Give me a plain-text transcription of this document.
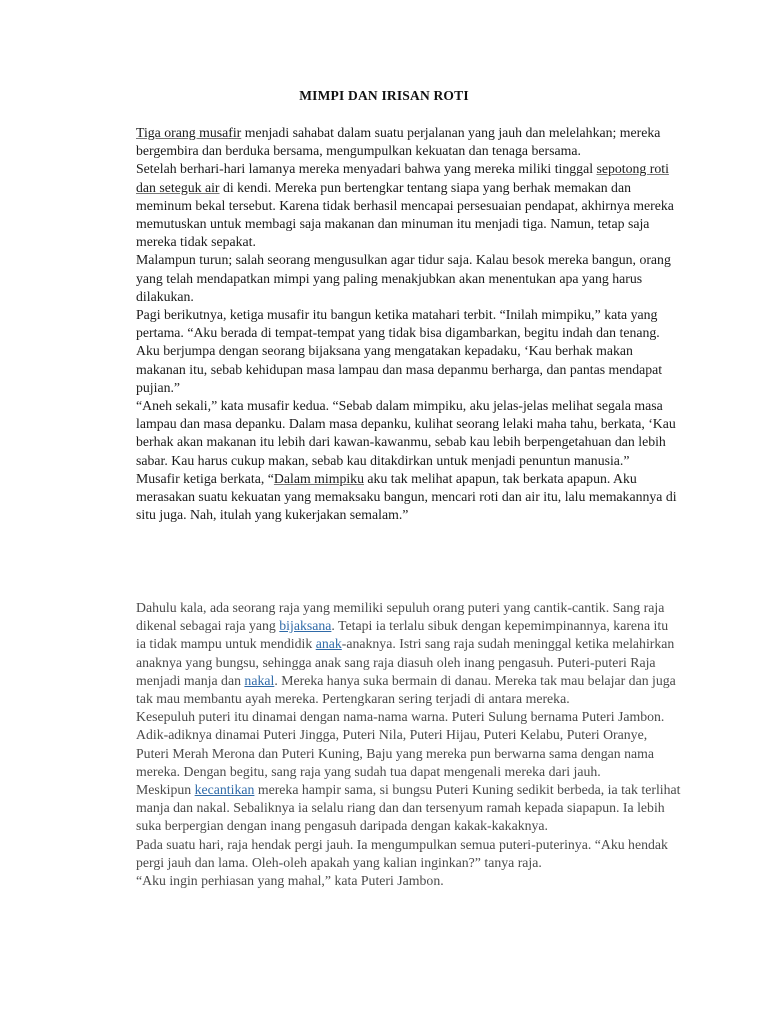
MIMPI DAN IRISAN ROTI

Tiga orang musafir menjadi sahabat dalam suatu perjalanan yang jauh dan melelahkan; mereka bergembira dan berduka bersama, mengumpulkan kekuatan dan tenaga bersama.

Setelah berhari-hari lamanya mereka menyadari bahwa yang mereka miliki tinggal sepotong roti dan seteguk air di kendi. Mereka pun bertengkar tentang siapa yang berhak memakan dan meminum bekal tersebut. Karena tidak berhasil mencapai persesuaian pendapat, akhirnya mereka memutuskan untuk membagi saja makanan dan minuman itu menjadi tiga. Namun, tetap saja mereka tidak sepakat.

Malampun turun; salah seorang mengusulkan agar tidur saja. Kalau besok mereka bangun, orang yang telah mendapatkan mimpi yang paling menakjubkan akan menentukan apa yang harus dilakukan.

Pagi berikutnya, ketiga musafir itu bangun ketika matahari terbit. “Inilah mimpiku,” kata yang pertama. “Aku berada di tempat-tempat yang tidak bisa digambarkan, begitu indah dan tenang. Aku berjumpa dengan seorang bijaksana yang mengatakan kepadaku, ‘Kau berhak makan makanan itu, sebab kehidupan masa lampau dan masa depanmu berharga, dan pantas mendapat pujian.”

“Aneh sekali,” kata musafir kedua. “Sebab dalam mimpiku, aku jelas-jelas melihat segala masa lampau dan masa depanku. Dalam masa depanku, kulihat seorang lelaki maha tahu, berkata, ‘Kau berhak akan makanan itu lebih dari kawan-kawanmu, sebab kau lebih berpengetahuan dan lebih sabar. Kau harus cukup makan, sebab kau ditakdirkan untuk menjadi penuntun manusia.”

Musafir ketiga berkata, “Dalam mimpiku aku tak melihat apapun, tak berkata apapun. Aku merasakan suatu kekuatan yang memaksaku bangun, mencari roti dan air itu, lalu memakannya di situ juga. Nah, itulah yang kukerjakan semalam.”

Dahulu kala, ada seorang raja yang memiliki sepuluh orang puteri yang cantik-cantik. Sang raja dikenal sebagai raja yang bijaksana. Tetapi ia terlalu sibuk dengan kepemimpinannya, karena itu ia tidak mampu untuk mendidik anak-anaknya. Istri sang raja sudah meninggal ketika melahirkan anaknya yang bungsu, sehingga anak sang raja diasuh oleh inang pengasuh. Puteri-puteri Raja menjadi manja dan nakal. Mereka hanya suka bermain di danau. Mereka tak mau belajar dan juga tak mau membantu ayah mereka. Pertengkaran sering terjadi di antara mereka.

Kesepuluh puteri itu dinamai dengan nama-nama warna. Puteri Sulung bernama Puteri Jambon. Adik-adiknya dinamai Puteri Jingga, Puteri Nila, Puteri Hijau, Puteri Kelabu, Puteri Oranye, Puteri Merah Merona dan Puteri Kuning, Baju yang mereka pun berwarna sama dengan nama mereka. Dengan begitu, sang raja yang sudah tua dapat mengenali mereka dari jauh.

Meskipun kecantikan mereka hampir sama, si bungsu Puteri Kuning sedikit berbeda, ia tak terlihat manja dan nakal. Sebaliknya ia selalu riang dan dan tersenyum ramah kepada siapapun. Ia lebih suka berpergian dengan inang pengasuh daripada dengan kakak-kakaknya.

Pada suatu hari, raja hendak pergi jauh. Ia mengumpulkan semua puteri-puterinya. “Aku hendak pergi jauh dan lama. Oleh-oleh apakah yang kalian inginkan?” tanya raja.

“Aku ingin perhiasan yang mahal,” kata Puteri Jambon.
